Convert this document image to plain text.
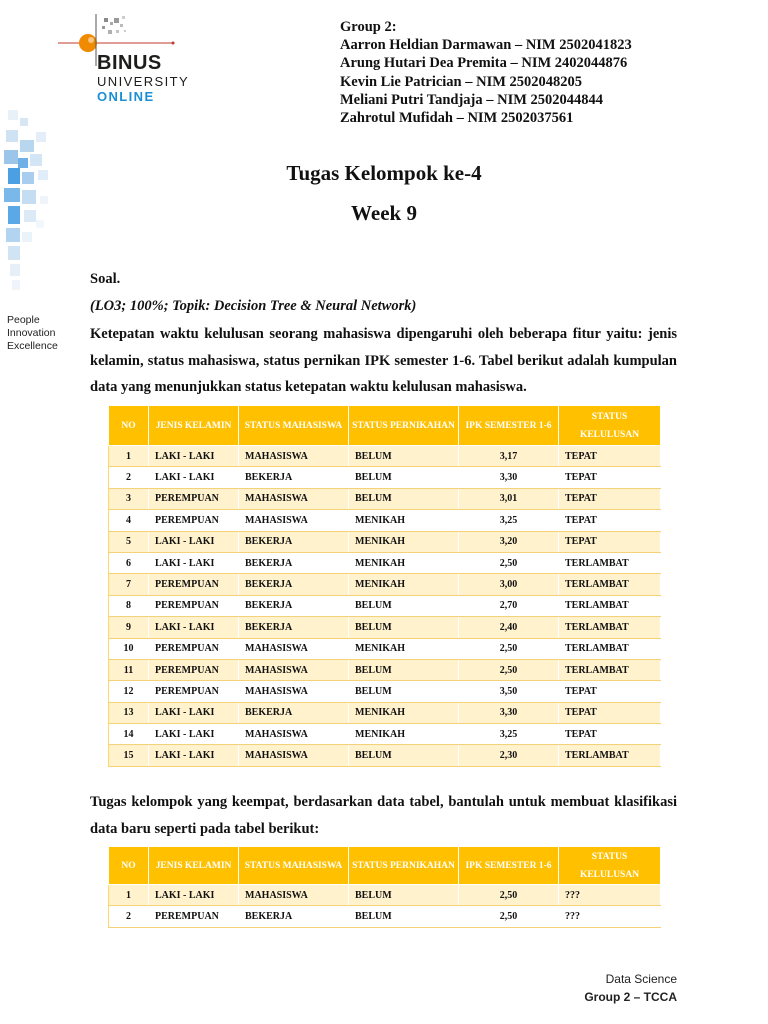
BINUS
UNIVERSITY
ONLINE
People
Innovation
Excellence
Group 2:
Aarron Heldian Darmawan – NIM 2502041823
Arung Hutari Dea Premita – NIM 2402044876
Kevin Lie Patrician – NIM 2502048205
Meliani Putri Tandjaja – NIM 2502044844
Zahrotul Mufidah – NIM 2502037561
Tugas Kelompok ke-4
Week 9
Soal.
(LO3; 100%; Topik: Decision Tree & Neural Network)
Ketepatan waktu kelulusan seorang mahasiswa dipengaruhi oleh beberapa fitur yaitu: jenis kelamin, status mahasiswa, status pernikan IPK semester 1-6. Tabel berikut adalah kumpulan data yang menunjukkan status ketepatan waktu kelulusan mahasiswa.
NO	JENIS KELAMIN	STATUS MAHASISWA	STATUS PERNIKAHAN	IPK SEMESTER 1-6	STATUS KELULUSAN
1	LAKI - LAKI	MAHASISWA	BELUM	3,17	TEPAT
2	LAKI - LAKI	BEKERJA	BELUM	3,30	TEPAT
3	PEREMPUAN	MAHASISWA	BELUM	3,01	TEPAT
4	PEREMPUAN	MAHASISWA	MENIKAH	3,25	TEPAT
5	LAKI - LAKI	BEKERJA	MENIKAH	3,20	TEPAT
6	LAKI - LAKI	BEKERJA	MENIKAH	2,50	TERLAMBAT
7	PEREMPUAN	BEKERJA	MENIKAH	3,00	TERLAMBAT
8	PEREMPUAN	BEKERJA	BELUM	2,70	TERLAMBAT
9	LAKI - LAKI	BEKERJA	BELUM	2,40	TERLAMBAT
10	PEREMPUAN	MAHASISWA	MENIKAH	2,50	TERLAMBAT
11	PEREMPUAN	MAHASISWA	BELUM	2,50	TERLAMBAT
12	PEREMPUAN	MAHASISWA	BELUM	3,50	TEPAT
13	LAKI - LAKI	BEKERJA	MENIKAH	3,30	TEPAT
14	LAKI - LAKI	MAHASISWA	MENIKAH	3,25	TEPAT
15	LAKI - LAKI	MAHASISWA	BELUM	2,30	TERLAMBAT
Tugas kelompok yang keempat, berdasarkan data tabel, bantulah untuk membuat klasifikasi data baru seperti pada tabel berikut:
NO	JENIS KELAMIN	STATUS MAHASISWA	STATUS PERNIKAHAN	IPK SEMESTER 1-6	STATUS KELULUSAN
1	LAKI - LAKI	MAHASISWA	BELUM	2,50	???
2	PEREMPUAN	BEKERJA	BELUM	2,50	???
Data Science
Group 2 – TCCA
